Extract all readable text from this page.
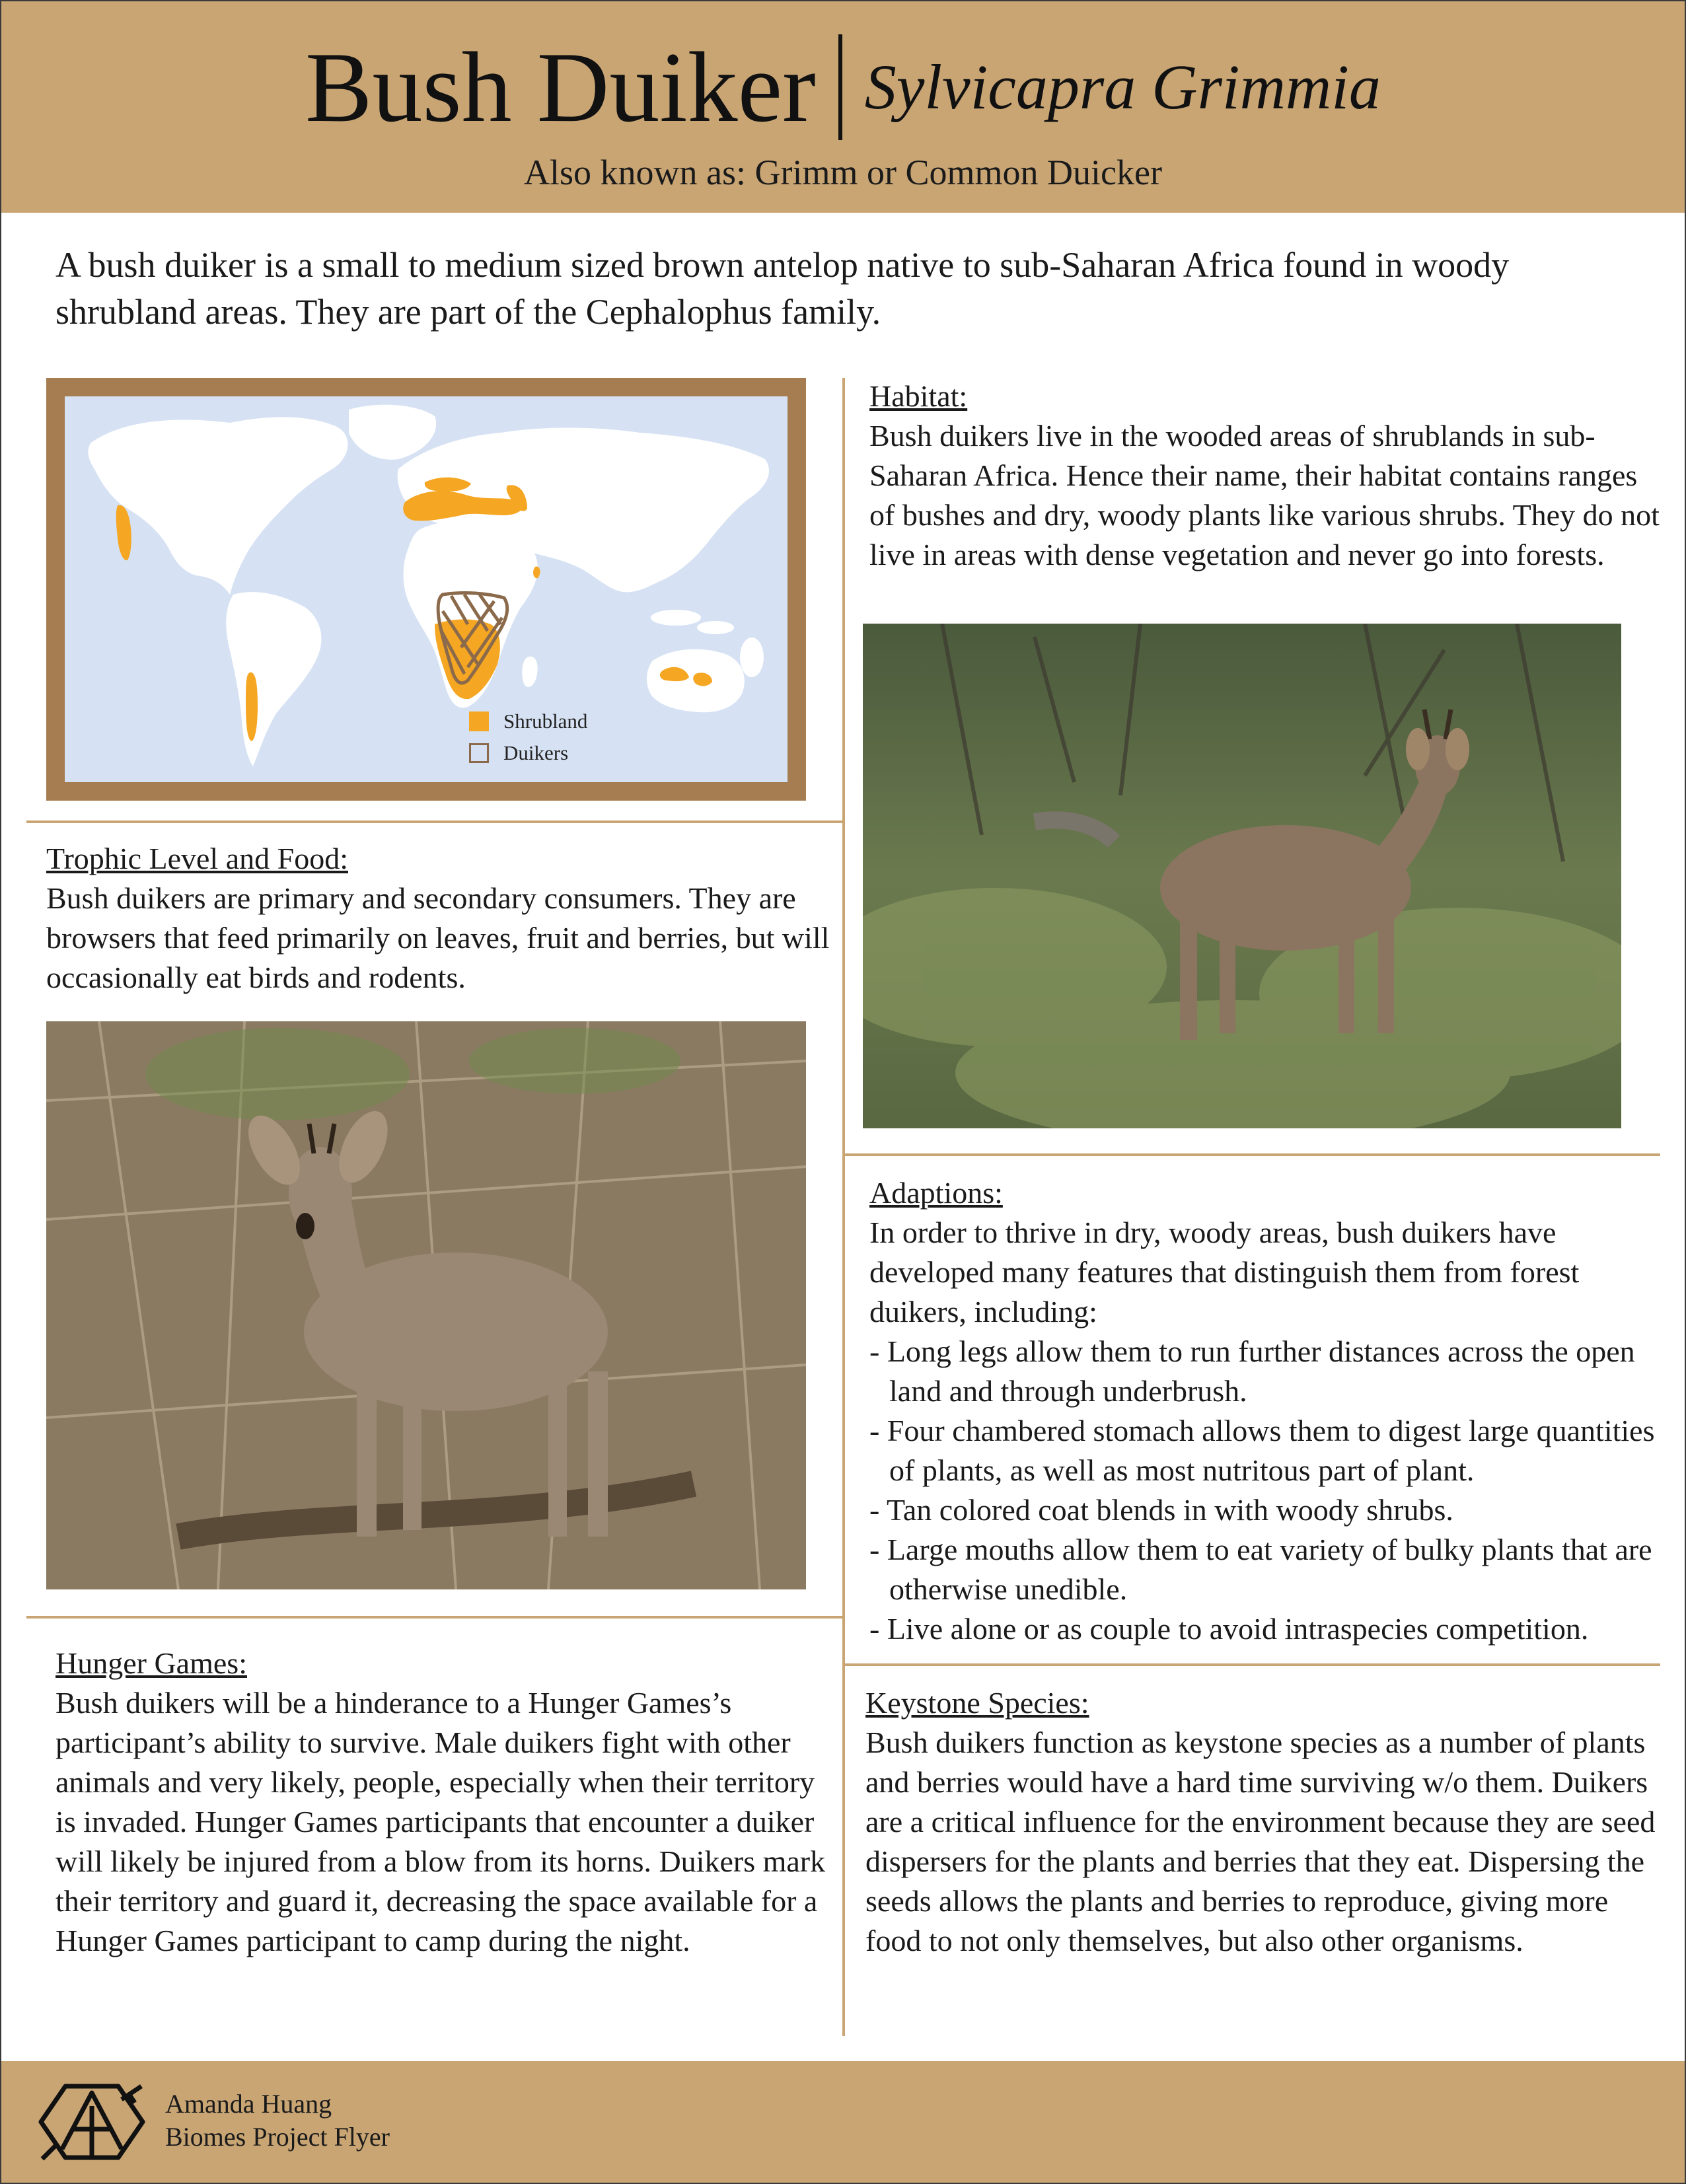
Bush Duiker Sylvicapra Grimmia
Also known as: Grimm or Common Duicker
A bush duiker is a small to medium sized brown antelop native to sub-Saharan Africa found in woody shrubland areas. They are part of the Cephalophus family.
Shrubland
Duikers
Habitat:

Bush duikers live in the wooded areas of shrublands in sub-Saharan Africa. Hence their name, their habitat contains ranges of bushes and dry, woody plants like various shrubs. They do not live in areas with dense vegetation and never go into forests.

Trophic Level and Food:

Bush duikers are primary and secondary consumers. They are browsers that feed primarily on leaves, fruit and berries, but will occasionally eat birds and rodents.

Adaptions:

In order to thrive in dry, woody areas, bush duikers have developed many features that distinguish them from forest duikers, including:

- Long legs allow them to run further distances across the open land and through underbrush.
- Four chambered stomach allows them to digest large quantities of plants, as well as most nutritous part of plant.
- Tan colored coat blends in with woody shrubs.
- Large mouths allow them to eat variety of bulky plants that are otherwise unedible.
- Live alone or as couple to avoid intraspecies competition.
Hunger Games:

Bush duikers will be a hinderance to a Hunger Games’s participant’s ability to survive. Male duikers fight with other animals and very likely, people, especially when their territory is invaded. Hunger Games participants that encounter a duiker will likely be injured from a blow from its horns. Duikers mark their territory and guard it, decreasing the space available for a Hunger Games participant to camp during the night.

Keystone Species:

Bush duikers function as keystone species as a number of plants and berries would have a hard time surviving w/o them. Duikers are a critical influence for the environment because they are seed dispersers for the plants and berries that they eat. Dispersing the seeds allows the plants and berries to reproduce, giving more food to not only themselves, but also other organisms.

Amanda Huang
Biomes Project Flyer
